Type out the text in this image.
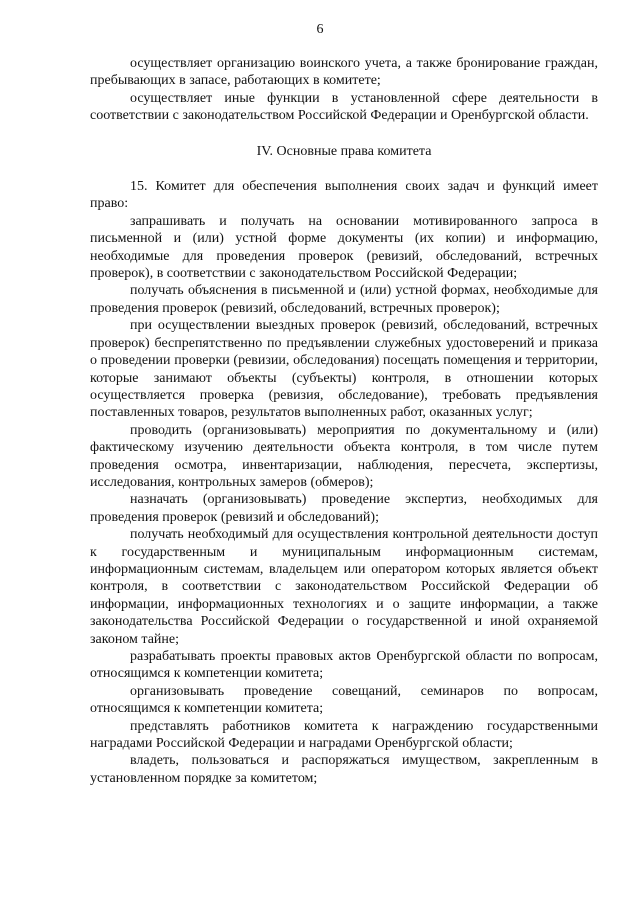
6

осуществляет организацию воинского учета, а также бронирование граждан, пребывающих в запасе, работающих в комитете;

осуществляет иные функции в установленной сфере деятельности в соответствии с законодательством Российской Федерации и Оренбургской области.

IV. Основные права комитета

15. Комитет для обеспечения выполнения своих задач и функций имеет право:

запрашивать и получать на основании мотивированного запроса в письменной и (или) устной форме документы (их копии) и информацию, необходимые для проведения проверок (ревизий, обследований, встречных проверок), в соответствии с законодательством Российской Федерации;

получать объяснения в письменной и (или) устной формах, необходимые для проведения проверок (ревизий, обследований, встречных проверок);

при осуществлении выездных проверок (ревизий, обследований, встречных проверок) беспрепятственно по предъявлении служебных удостоверений и приказа о проведении проверки (ревизии, обследования) посещать помещения и территории, которые занимают объекты (субъекты) контроля, в отношении которых осуществляется проверка (ревизия, обследование), требовать предъявления поставленных товаров, результатов выполненных работ, оказанных услуг;

проводить (организовывать) мероприятия по документальному и (или) фактическому изучению деятельности объекта контроля, в том числе путем проведения осмотра, инвентаризации, наблюдения, пересчета, экспертизы, исследования, контрольных замеров (обмеров);

назначать (организовывать) проведение экспертиз, необходимых для проведения проверок (ревизий и обследований);

получать необходимый для осуществления контрольной деятельности доступ к государственным и муниципальным информационным системам, информационным системам, владельцем или оператором которых является объект контроля, в соответствии с законодательством Российской Федерации об информации, информационных технологиях и о защите информации, а также законодательства Российской Федерации о государственной и иной охраняемой законом тайне;

разрабатывать проекты правовых актов Оренбургской области по вопросам, относящимся к компетенции комитета;

организовывать проведение совещаний, семинаров по вопросам, относящимся к компетенции комитета;

представлять работников комитета к награждению государственными наградами Российской Федерации и наградами Оренбургской области;

владеть, пользоваться и распоряжаться имуществом, закрепленным в установленном порядке за комитетом;
